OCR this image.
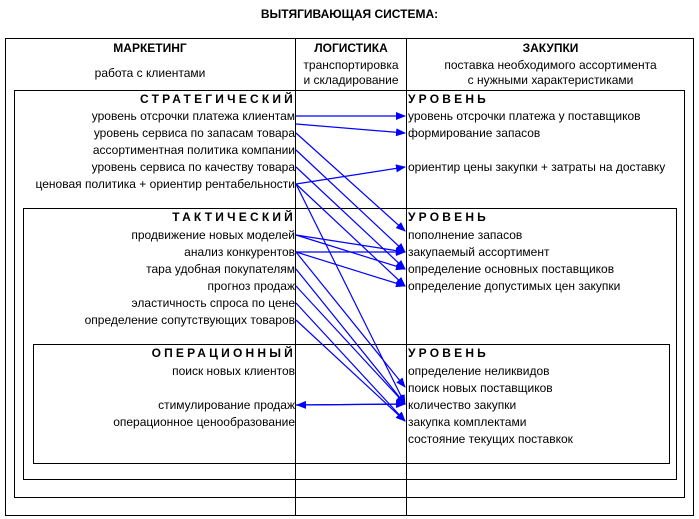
ВЫТЯГИВАЮЩАЯ СИСТЕМА:
МАРКЕТИНГ
работа с клиентами
ЛОГИСТИКА
транспортировка
и складирование
ЗАКУПКИ
поставка необходимого ассортимента
с нужными характеристиками
СТРАТЕГИЧЕСКИЙ	УРОВЕНЬ
ТАКТИЧЕСКИЙ	УРОВЕНЬ
ОПЕРАЦИОННЫЙ	УРОВЕНЬ
уровень отсрочки платежа клиентам
уровень сервиса по запасам товара
ассортиментная политика компании
уровень сервиса по качеству товара
ценовая политика + ориентир рентабельности
уровень отсрочки платежа у поставщиков
формирование запасов
ориентир цены закупки + затраты на доставку
продвижение новых моделей
анализ конкурентов
тара удобная покупателям
прогноз продаж
эластичность спроса по цене
определение сопутствующих товаров
пополнение запасов
закупаемый ассортимент
определение основных поставщиков
определение допустимых цен закупки
поиск новых клиентов
стимулирование продаж
операционное ценообразование
определение неликвидов
поиск новых поставщиков
количество закупки
закупка комплектами
состояние текущих поставкок
